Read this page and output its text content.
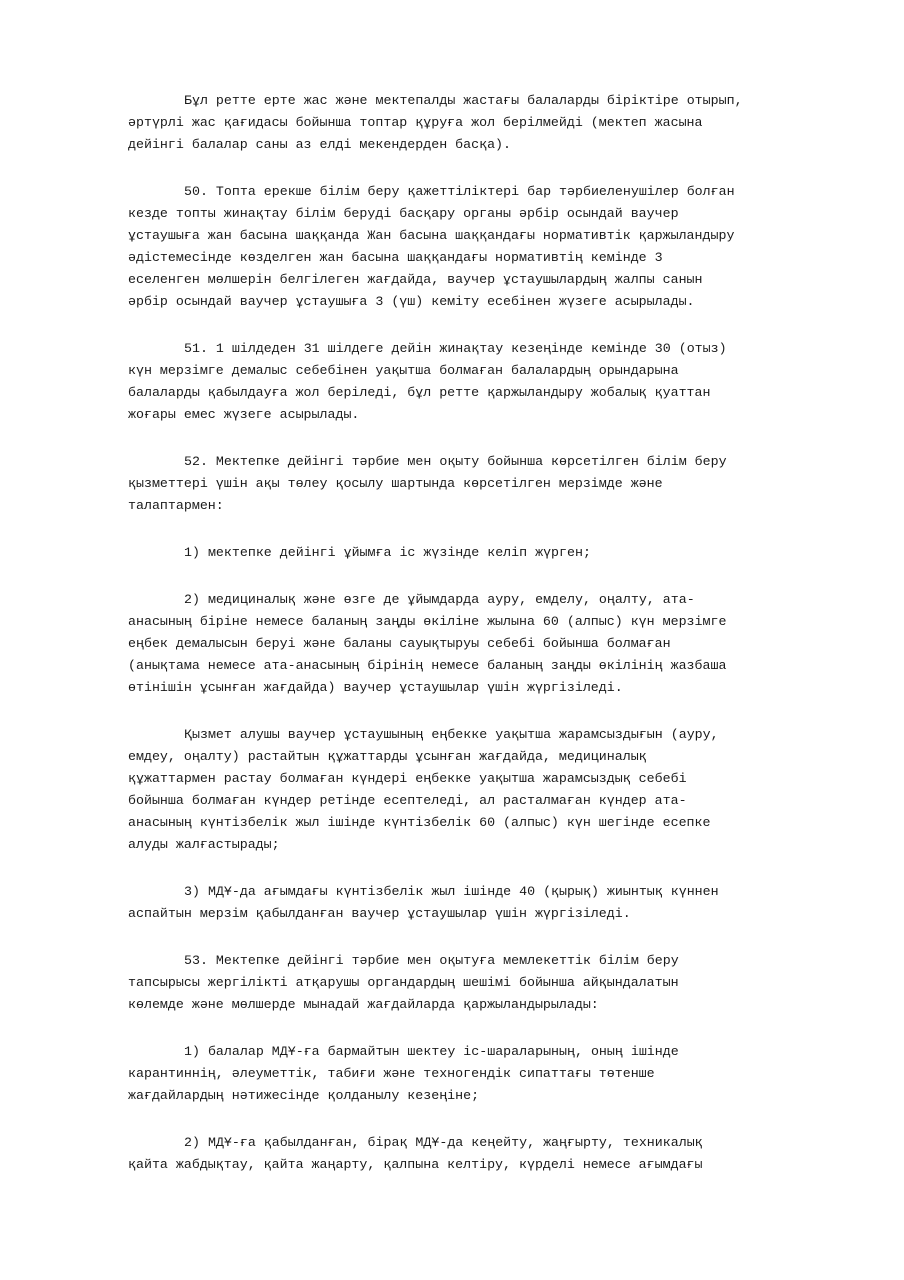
Бұл ретте ерте жас және мектепалды жастағы балаларды біріктіре отырып,
әртүрлі жас қағидасы бойынша топтар құруға жол берілмейді (мектеп жасына
дейінгі балалар саны аз елді мекендерден басқа).

50. Топта ерекше білім беру қажеттіліктері бар тәрбиеленушілер болған
кезде топты жинақтау білім беруді басқару органы әрбір осындай ваучер
ұстаушыға жан басына шаққанда Жан басына шаққандағы нормативтік қаржыландыру
әдістемесінде көзделген жан басына шаққандағы нормативтің кемінде 3
еселенген мөлшерін белгілеген жағдайда, ваучер ұстаушылардың жалпы санын
әрбір осындай ваучер ұстаушыға 3 (үш) кеміту есебінен жүзеге асырылады.

51. 1 шілдеден 31 шілдеге дейін жинақтау кезеңінде кемінде 30 (отыз)
күн мерзімге демалыс себебінен уақытша болмаған балалардың орындарына
балаларды қабылдауға жол беріледі, бұл ретте қаржыландыру жобалық қуаттан
жоғары емес жүзеге асырылады.

52. Мектепке дейінгі тәрбие мен оқыту бойынша көрсетілген білім беру
қызметтері үшін ақы төлеу қосылу шартында көрсетілген мерзімде және
талаптармен:

1) мектепке дейінгі ұйымға іс жүзінде келіп жүрген;

2) медициналық және өзге де ұйымдарда ауру, емделу, оңалту, ата-
анасының біріне немесе баланың заңды өкіліне жылына 60 (алпыс) күн мерзімге
еңбек демалысын беруі және баланы сауықтыруы себебі бойынша болмаған
(анықтама немесе ата-анасының бірінің немесе баланың заңды өкілінің жазбаша
өтінішін ұсынған жағдайда) ваучер ұстаушылар үшін жүргізіледі.

Қызмет алушы ваучер ұстаушының еңбекке уақытша жарамсыздығын (ауру,
емдеу, оңалту) растайтын құжаттарды ұсынған жағдайда, медициналық
құжаттармен растау болмаған күндері еңбекке уақытша жарамсыздық себебі
бойынша болмаған күндер ретінде есептеледі, ал расталмаған күндер ата-
анасының күнтізбелік жыл ішінде күнтізбелік 60 (алпыс) күн шегінде есепке
алуды жалғастырады;

3) МДҰ-да ағымдағы күнтізбелік жыл ішінде 40 (қырық) жиынтық күннен
аспайтын мерзім қабылданған ваучер ұстаушылар үшін жүргізіледі.

53. Мектепке дейінгі тәрбие мен оқытуға мемлекеттік білім беру
тапсырысы жергілікті атқарушы органдардың шешімі бойынша айқындалатын
көлемде және мөлшерде мынадай жағдайларда қаржыландырылады:

1) балалар МДҰ-ға бармайтын шектеу іс-шараларының, оның ішінде
карантиннің, әлеуметтік, табиғи және техногендік сипаттағы төтенше
жағдайлардың нәтижесінде қолданылу кезеңіне;

2) МДҰ-ға қабылданған, бірақ МДҰ-да кеңейту, жаңғырту, техникалық
қайта жабдықтау, қайта жаңарту, қалпына келтіру, күрделі немесе ағымдағы
